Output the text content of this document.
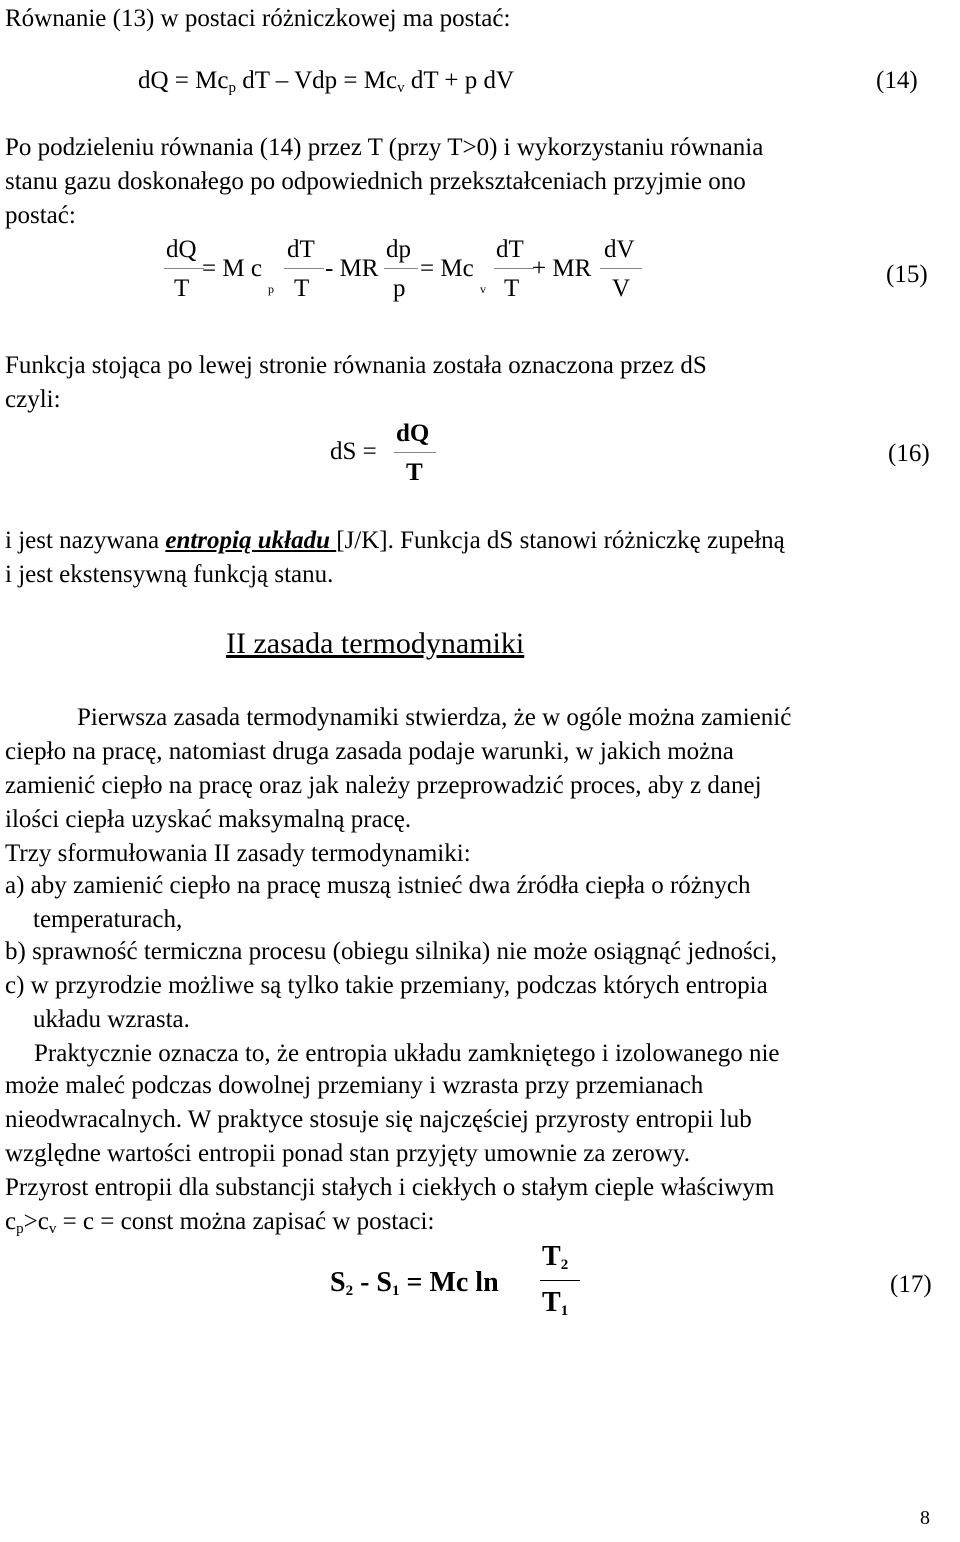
Równanie (13) w postaci różniczkowej ma postać:
dQ = $Mc_p$ dT – Vdp = $Mc_v$ dT + p dV	(14)
Po podzieleniu równania (14) przez T (przy T>0) i wykorzystaniu równania
stanu gazu doskonałego po odpowiednich przekształceniach przyjmie ono
postać:
dQ
T
= M c
p
dT
T
- MR
dp
p
= Mc
v
dT
T
+ MR
dV
V
(15)
Funkcja stojąca po lewej stronie równania została oznaczona przez dS
czyli:
dS =
dQ
T
(16)
i jest nazywana entropią układu [J/K]. Funkcja dS stanowi różniczkę zupełną
i jest ekstensywną funkcją stanu.
II zasada termodynamiki
Pierwsza zasada termodynamiki stwierdza, że w ogóle można zamienić
ciepło na pracę, natomiast druga zasada podaje warunki, w jakich można
zamienić ciepło na pracę oraz jak należy przeprowadzić proces, aby z danej
ilości ciepła uzyskać maksymalną pracę.
Trzy sformułowania II zasady termodynamiki:
a) aby zamienić ciepło na pracę muszą istnieć dwa źródła ciepła o różnych
temperaturach,
b) sprawność termiczna procesu (obiegu silnika) nie może osiągnąć jedności,
c) w przyrodzie możliwe są tylko takie przemiany, podczas których entropia
układu wzrasta.
Praktycznie oznacza to, że entropia układu zamkniętego i izolowanego nie
może maleć podczas dowolnej przemiany i wzrasta przy przemianach
nieodwracalnych. W praktyce stosuje się najczęściej przyrosty entropii lub
względne wartości entropii ponad stan przyjęty umownie za zerowy.
Przyrost entropii dla substancji stałych i ciekłych o stałym cieple właściwym
$c_p>c_v = c$ = const można zapisać w postaci:
$S_2 - S_1 = Mc$ ln
$T_2$
$T_1$
(17)
8
